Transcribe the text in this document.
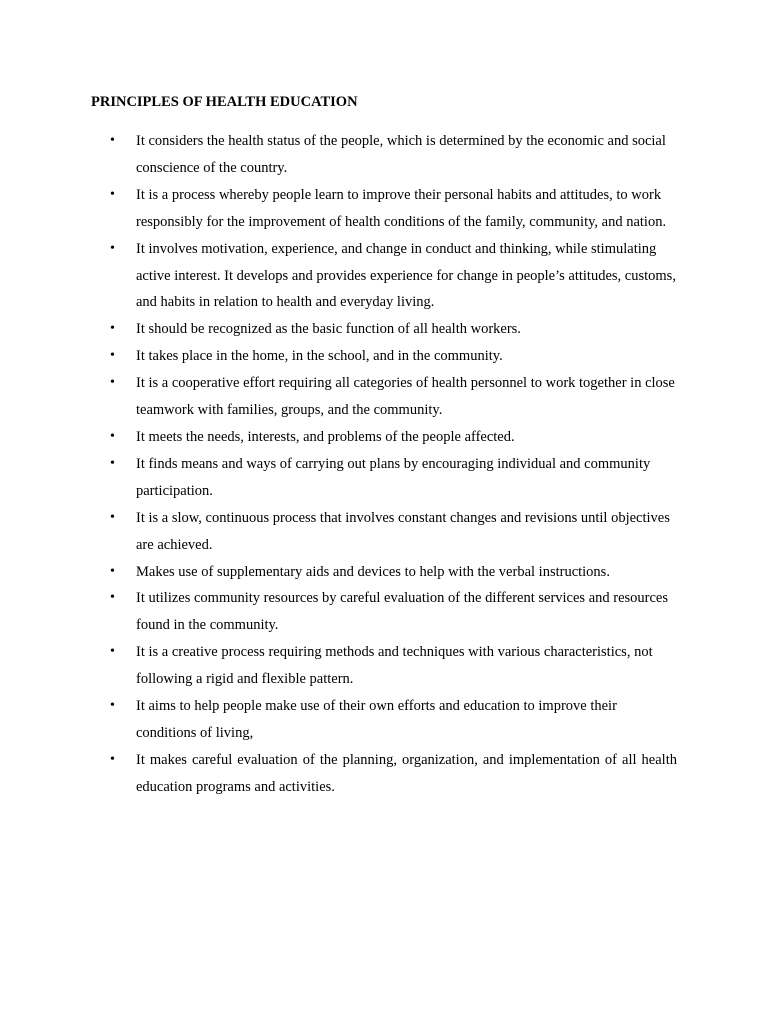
PRINCIPLES OF HEALTH EDUCATION
• It considers the health status of the people, which is determined by the economic and social conscience of the country.
• It is a process whereby people learn to improve their personal habits and attitudes, to work responsibly for the improvement of health conditions of the family, community, and nation.
• It involves motivation, experience, and change in conduct and thinking, while stimulating active interest. It develops and provides experience for change in people’s attitudes, customs, and habits in relation to health and everyday living.
• It should be recognized as the basic function of all health workers.
• It takes place in the home, in the school, and in the community.
• It is a cooperative effort requiring all categories of health personnel to work together in close teamwork with families, groups, and the community.
• It meets the needs, interests, and problems of the people affected.
• It finds means and ways of carrying out plans by encouraging individual and community participation.
• It is a slow, continuous process that involves constant changes and revisions until objectives are achieved.
• Makes use of supplementary aids and devices to help with the verbal instructions.
• It utilizes community resources by careful evaluation of the different services and resources found in the community.
• It is a creative process requiring methods and techniques with various characteristics, not following a rigid and flexible pattern.
• It aims to help people make use of their own efforts and education to improve their conditions of living,
• It makes careful evaluation of the planning, organization, and implementation of all health education programs and activities.
